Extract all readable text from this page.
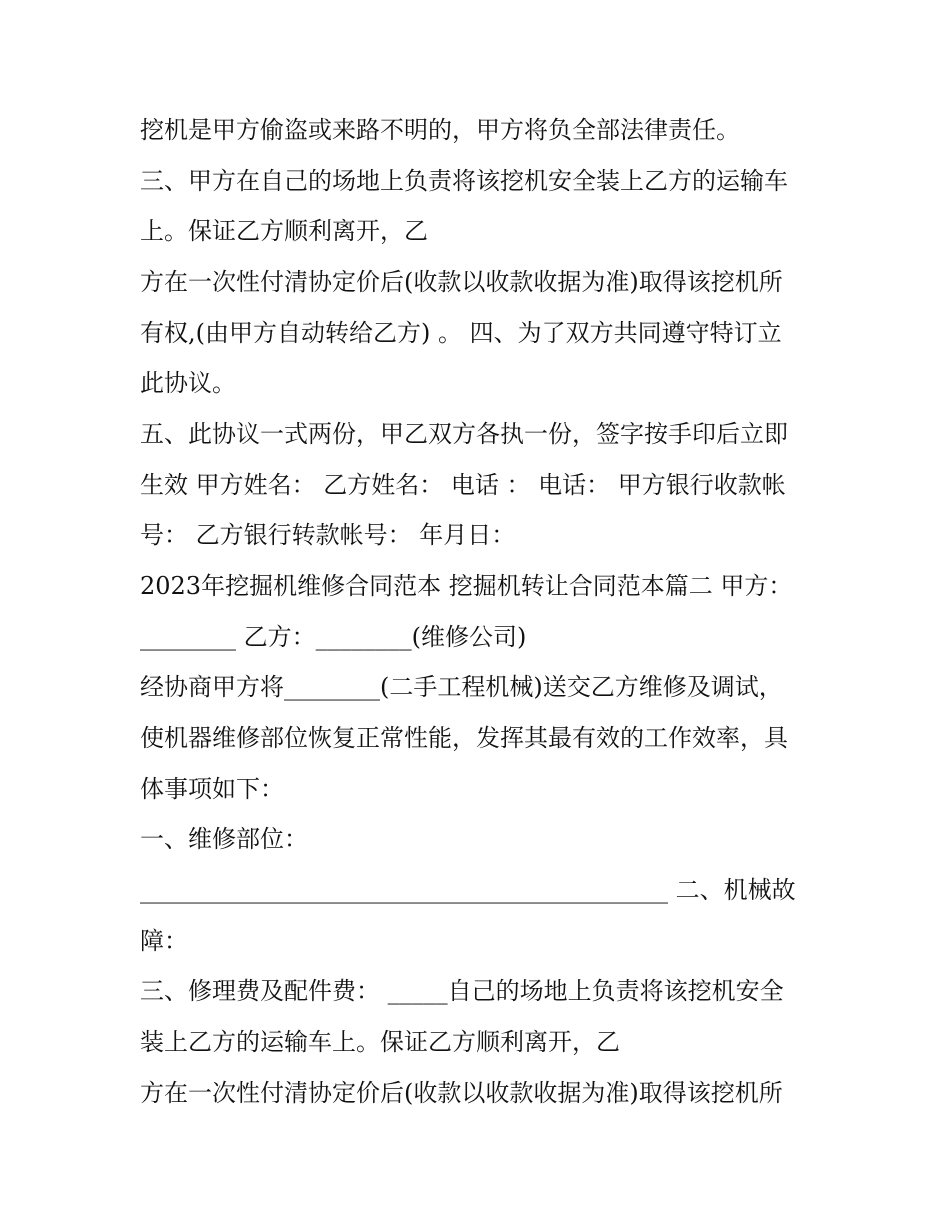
挖机是甲方偷盗或来路不明的，甲方将负全部法律责任。
三、甲方在自己的场地上负责将该挖机安全装上乙方的运输车
上。保证乙方顺利离开，乙
方在一次性付清协定价后(收款以收款收据为准)取得该挖机所
有权,(由甲方自动转给乙方) 。 四、为了双方共同遵守特订立
此协议。
五、此协议一式两份，甲乙双方各执一份，签字按手印后立即
生效 甲方姓名： 乙方姓名： 电话 ： 电话： 甲方银行收款帐
号： 乙方银行转款帐号： 年月日：
2023年挖掘机维修合同范本 挖掘机转让合同范本篇二 甲方：
________ 乙方：________(维修公司)
经协商甲方将________(二手工程机械)送交乙方维修及调试，
使机器维修部位恢复正常性能，发挥其最有效的工作效率，具
体事项如下：
一、维修部位：
____________________________________________ 二、机械故
障：
三、修理费及配件费： _____自己的场地上负责将该挖机安全
装上乙方的运输车上。保证乙方顺利离开，乙
方在一次性付清协定价后(收款以收款收据为准)取得该挖机所
